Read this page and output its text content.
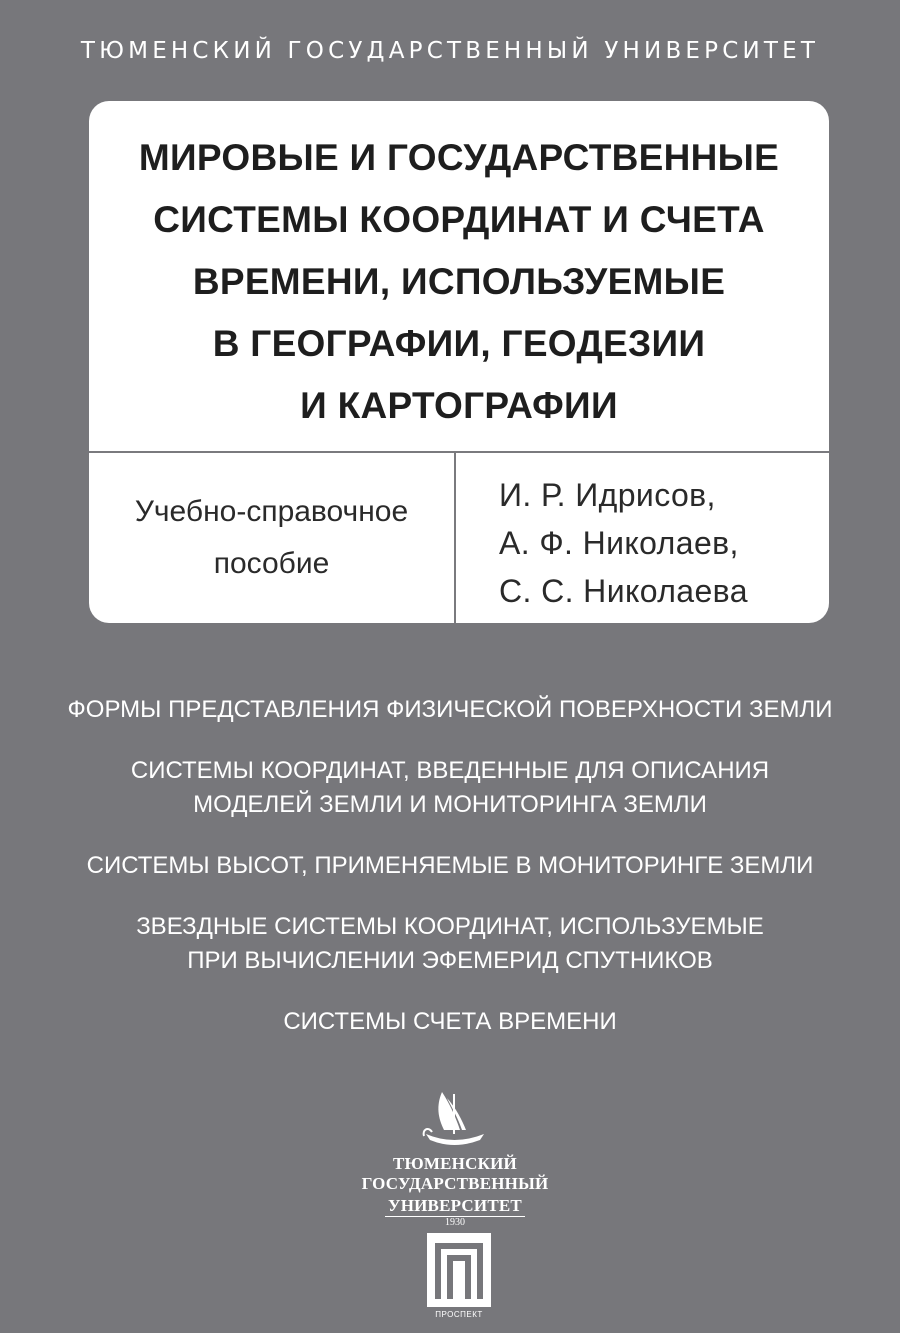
ТЮМЕНСКИЙ ГОСУДАРСТВЕННЫЙ УНИВЕРСИТЕТ
МИРОВЫЕ И ГОСУДАРСТВЕННЫЕ
СИСТЕМЫ КООРДИНАТ И СЧЕТА
ВРЕМЕНИ, ИСПОЛЬЗУЕМЫЕ
В ГЕОГРАФИИ, ГЕОДЕЗИИ
И КАРТОГРАФИИ
Учебно-справочное
пособие
И. Р. Идрисов,
А. Ф. Николаев,
С. С. Николаева
ФОРМЫ ПРЕДСТАВЛЕНИЯ ФИЗИЧЕСКОЙ ПОВЕРХНОСТИ ЗЕМЛИ
СИСТЕМЫ КООРДИНАТ, ВВЕДЕННЫЕ ДЛЯ ОПИСАНИЯ
МОДЕЛЕЙ ЗЕМЛИ И МОНИТОРИНГА ЗЕМЛИ
СИСТЕМЫ ВЫСОТ, ПРИМЕНЯЕМЫЕ В МОНИТОРИНГЕ ЗЕМЛИ
ЗВЕЗДНЫЕ СИСТЕМЫ КООРДИНАТ, ИСПОЛЬЗУЕМЫЕ
ПРИ ВЫЧИСЛЕНИИ ЭФЕМЕРИД СПУТНИКОВ
СИСТЕМЫ СЧЕТА ВРЕМЕНИ
ТЮМЕНСКИЙ ГОСУДАРСТВЕННЫЙ
УНИВЕРСИТЕТ
1930
ПРОСПЕКТ
